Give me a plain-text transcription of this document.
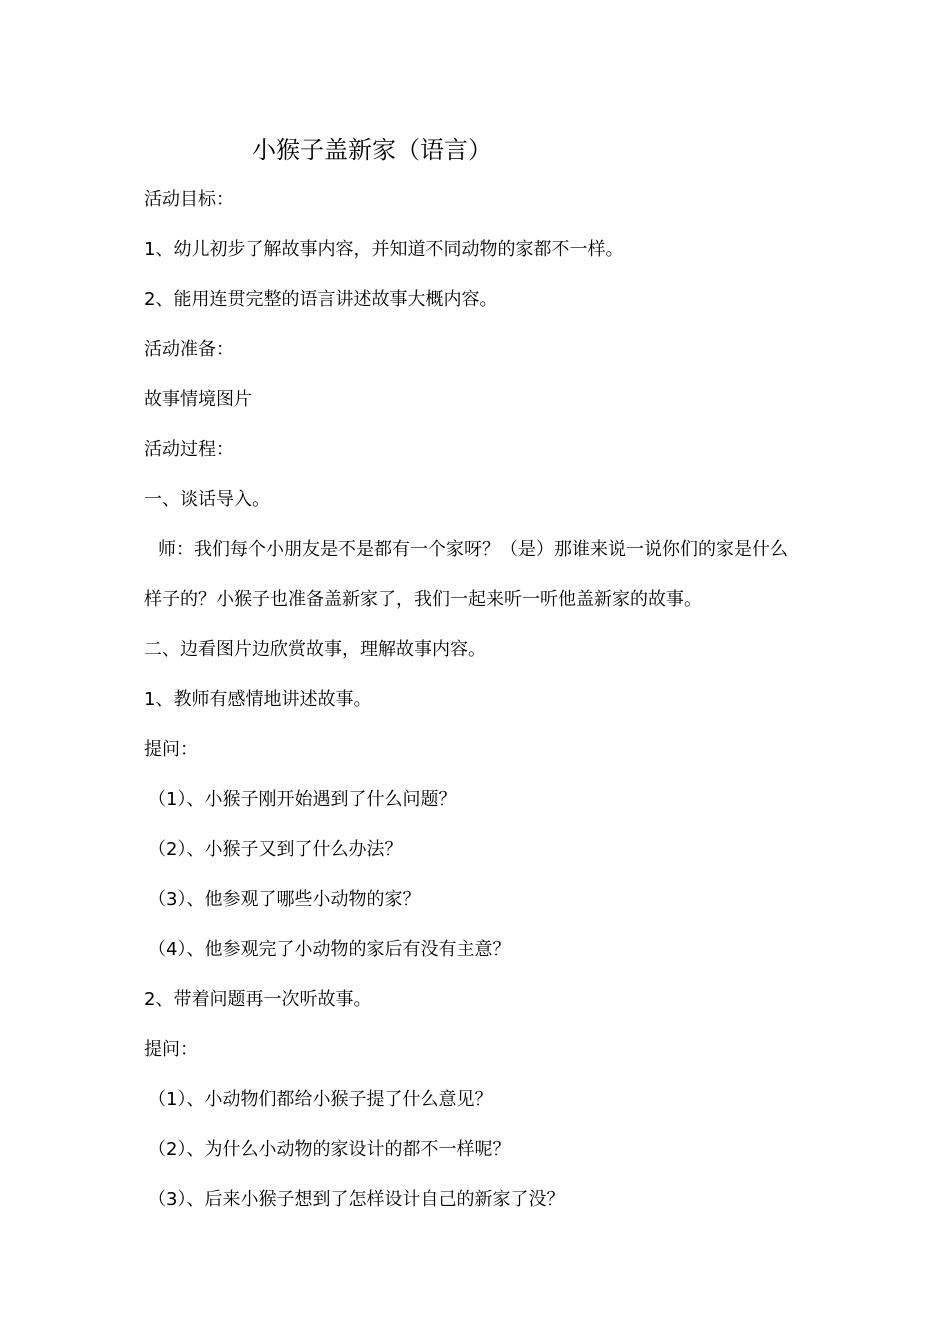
小猴子盖新家（语言）
活动目标：
1、幼儿初步了解故事内容，并知道不同动物的家都不一样。
2、能用连贯完整的语言讲述故事大概内容。
活动准备：
故事情境图片
活动过程：
一、谈话导入。
师：我们每个小朋友是不是都有一个家呀？（是）那谁来说一说你们的家是什么
样子的？小猴子也准备盖新家了，我们一起来听一听他盖新家的故事。
二、边看图片边欣赏故事，理解故事内容。
1、教师有感情地讲述故事。
提问：
（1）、小猴子刚开始遇到了什么问题？
（2）、小猴子又到了什么办法？
（3）、他参观了哪些小动物的家？
（4）、他参观完了小动物的家后有没有主意？
2、带着问题再一次听故事。
提问：
（1）、小动物们都给小猴子提了什么意见？
（2）、为什么小动物的家设计的都不一样呢？
（3）、后来小猴子想到了怎样设计自己的新家了没？
